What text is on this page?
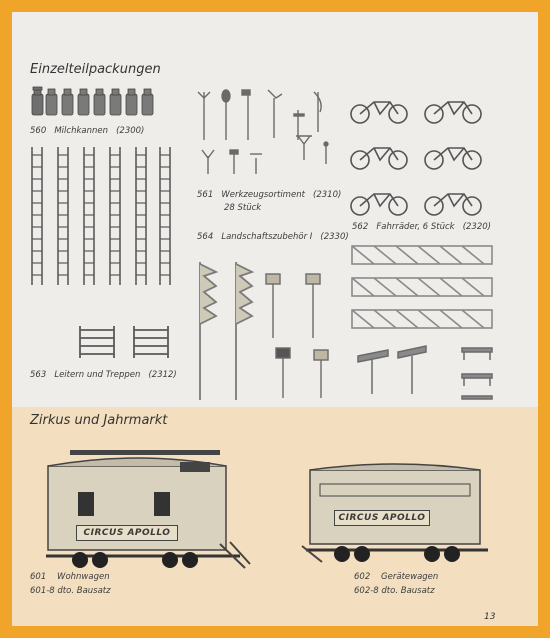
Einzelteilpackungen
560 Milchkannen (2300)
563 Leitern und Treppen (2312)
561 Werkzeugsortiment (2310)
28 Stück
564 Landschaftszubehör I (2330)
562 Fahrräder, 6 Stück (2320)
Zirkus und Jahrmarkt
CIRCUS APOLLO
CIRCUS APOLLO
601 Wohnwagen
601-8 dto. Bausatz
602 Gerätewagen
602-8 dto. Bausatz
13
